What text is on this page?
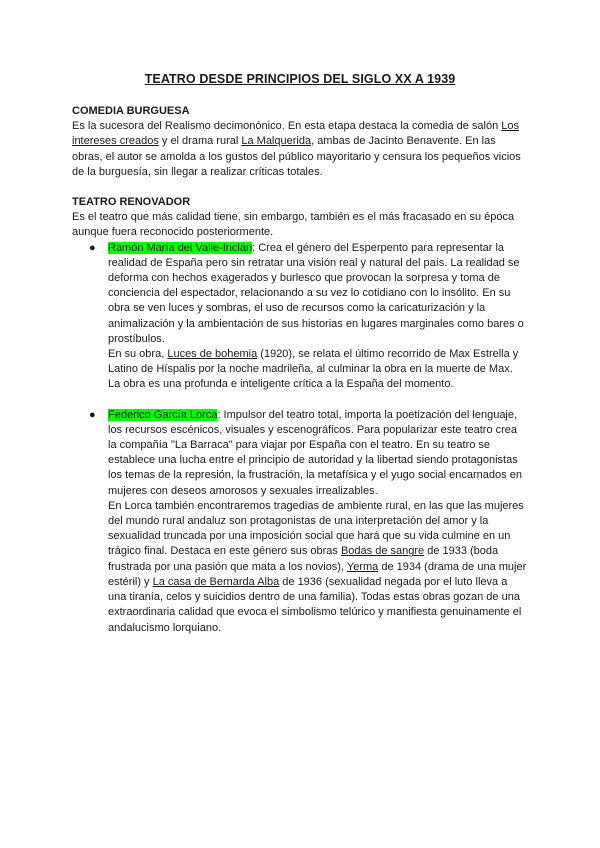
TEATRO DESDE PRINCIPIOS DEL SIGLO XX A 1939

COMEDIA BURGUESA

Es la sucesora del Realismo decimonónico. En esta etapa destaca la comedia de salón Los intereses creados y el drama rural La Malquerida, ambas de Jacinto Benavente. En las obras, el autor se amolda a los gustos del público mayoritario y censura los pequeños vicios de la burguesía, sin llegar a realizar críticas totales.

TEATRO RENOVADOR

Es el teatro que más calidad tiene, sin embargo, también es el más fracasado en su época aunque fuera reconocido posteriormente.

● Ramón María del Valle-Inclán: Crea el género del Esperpento para representar la realidad de España pero sin retratar una visión real y natural del país. La realidad se deforma con hechos exagerados y burlesco que provocan la sorpresa y toma de conciencia del espectador, relacionando a su vez lo cotidiano con lo insólito. En su obra se ven luces y sombras, el uso de recursos como la caricaturización y la animalización y la ambientación de sus historias en lugares marginales como bares o prostíbulos.

En su obra, Luces de bohemia (1920), se relata el último recorrido de Max Estrella y Latino de Híspalis por la noche madrileña, al culminar la obra en la muerte de Max. La obra es una profunda e inteligente crítica a la España del momento.

● Federico García Lorca: Impulsor del teatro total, importa la poetización del lenguaje, los recursos escénicos, visuales y escenográficos. Para popularizar este teatro crea la compañía "La Barraca" para viajar por España con el teatro. En su teatro se establece una lucha entre el principio de autoridad y la libertad siendo protagonistas los temas de la represión, la frustración, la metafísica y el yugo social encarnados en mujeres con deseos amorosos y sexuales irrealizables.

En Lorca también encontraremos tragedias de ambiente rural, en las que las mujeres del mundo rural andaluz son protagonistas de una interpretación del amor y la sexualidad truncada por una imposición social que hará que su vida culmine en un trágico final. Destaca en este género sus obras Bodas de sangre de 1933 (boda frustrada por una pasión que mata a los novios), Yerma de 1934 (drama de una mujer estéril) y La casa de Bernarda Alba de 1936 (sexualidad negada por el luto lleva a una tiranía, celos y suicidios dentro de una familia). Todas estas obras gozan de una extraordinaria calidad que evoca el simbolismo telúrico y manifiesta genuinamente el andalucismo lorquiano.
